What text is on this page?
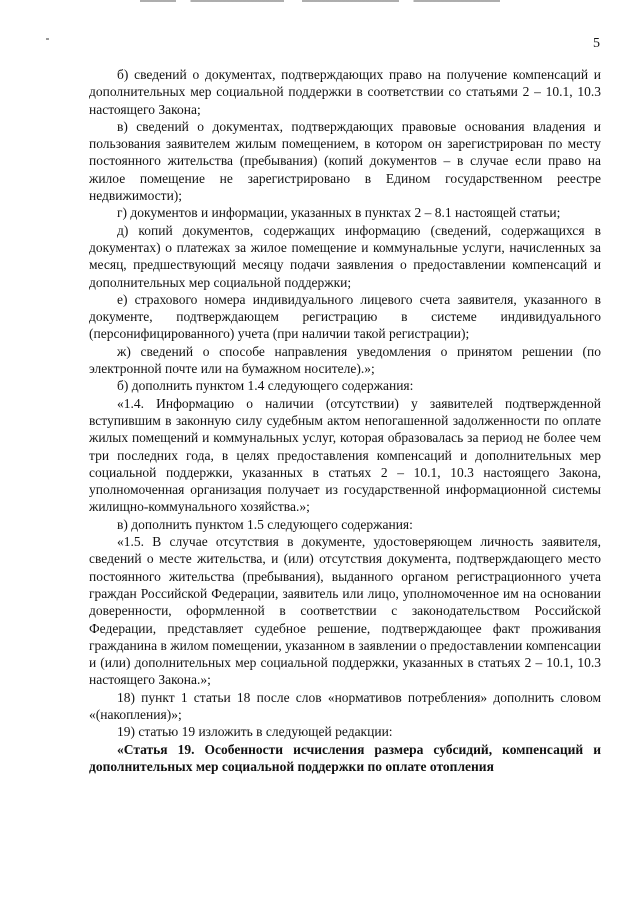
5

б) сведений о документах, подтверждающих право на получение компенсаций и дополнительных мер социальной поддержки в соответствии со статьями 2 – 10.1, 10.3 настоящего Закона;

в) сведений о документах, подтверждающих правовые основания владения и пользования заявителем жилым помещением, в котором он зарегистрирован по месту постоянного жительства (пребывания) (копий документов – в случае если право на жилое помещение не зарегистрировано в Едином государственном реестре недвижимости);

г) документов и информации, указанных в пунктах 2 – 8.1 настоящей статьи;

д) копий документов, содержащих информацию (сведений, содержащихся в документах) о платежах за жилое помещение и коммунальные услуги, начисленных за месяц, предшествующий месяцу подачи заявления о предоставлении компенсаций и дополнительных мер социальной поддержки;

е) страхового номера индивидуального лицевого счета заявителя, указанного в документе, подтверждающем регистрацию в системе индивидуального (персонифицированного) учета (при наличии такой регистрации);

ж) сведений о способе направления уведомления о принятом решении (по электронной почте или на бумажном носителе).»;

б) дополнить пунктом 1.4 следующего содержания:

«1.4. Информацию о наличии (отсутствии) у заявителей подтвержденной вступившим в законную силу судебным актом непогашенной задолженности по оплате жилых помещений и коммунальных услуг, которая образовалась за период не более чем три последних года, в целях предоставления компенсаций и дополнительных мер социальной поддержки, указанных в статьях 2 – 10.1, 10.3 настоящего Закона, уполномоченная организация получает из государственной информационной системы жилищно-коммунального хозяйства.»;

в) дополнить пунктом 1.5 следующего содержания:

«1.5. В случае отсутствия в документе, удостоверяющем личность заявителя, сведений о месте жительства, и (или) отсутствия документа, подтверждающего место постоянного жительства (пребывания), выданного органом регистрационного учета граждан Российской Федерации, заявитель или лицо, уполномоченное им на основании доверенности, оформленной в соответствии с законодательством Российской Федерации, представляет судебное решение, подтверждающее факт проживания гражданина в жилом помещении, указанном в заявлении о предоставлении компенсации и (или) дополнительных мер социальной поддержки, указанных в статьях 2 – 10.1, 10.3 настоящего Закона.»;

18) пункт 1 статьи 18 после слов «нормативов потребления» дополнить словом «(накопления)»;

19) статью 19 изложить в следующей редакции:

«Статья 19. Особенности исчисления размера субсидий, компенсаций и дополнительных мер социальной поддержки по оплате отопления
